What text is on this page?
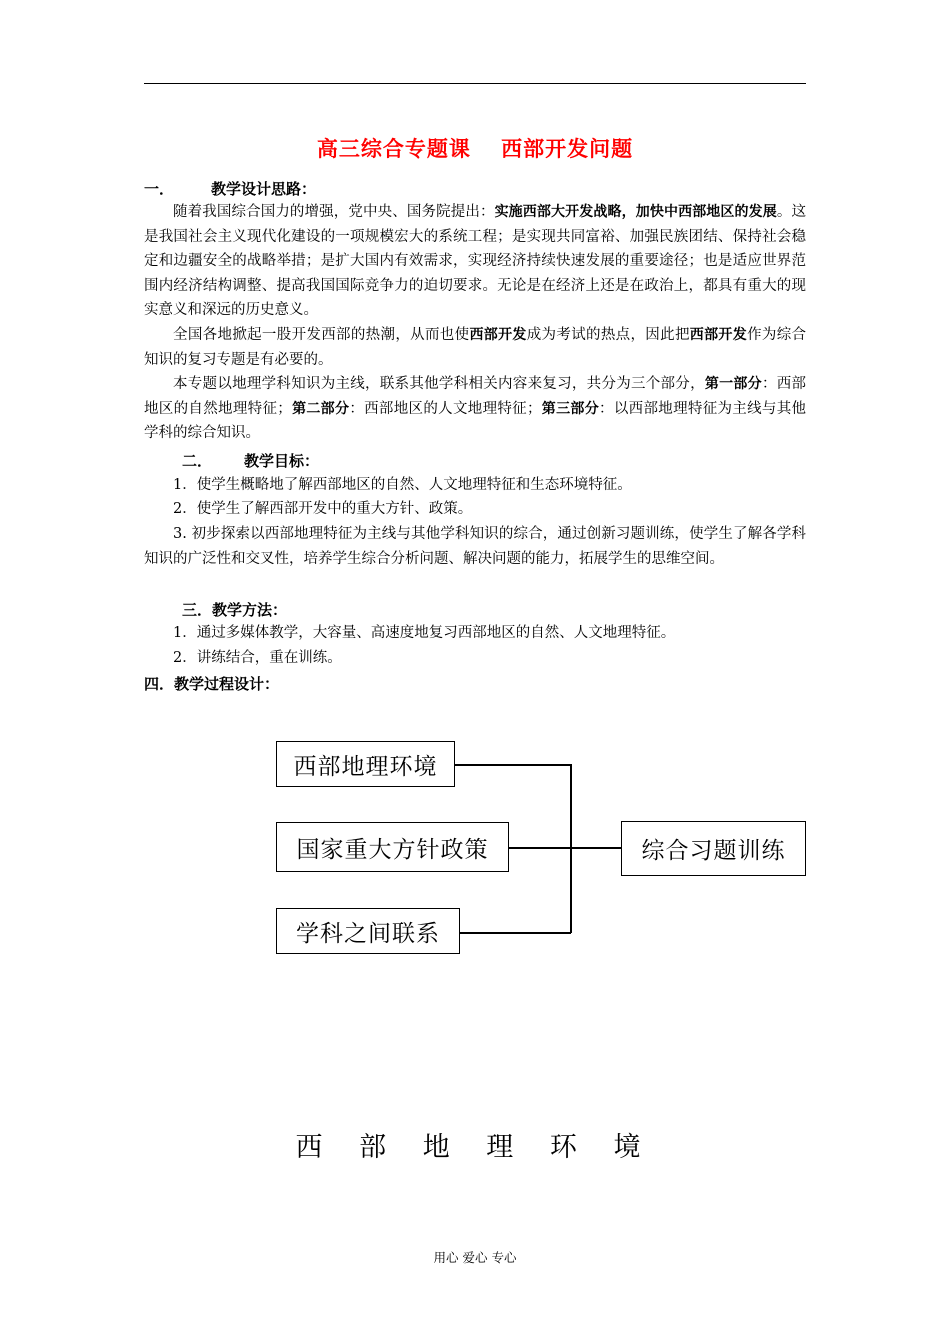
高三综合专题课 西部开发问题
一． 教学设计思路：
随着我国综合国力的增强，党中央、国务院提出：实施西部大开发战略，加快中西部地区的发展。这是我国社会主义现代化建设的一项规模宏大的系统工程；是实现共同富裕、加强民族团结、保持社会稳定和边疆安全的战略举措；是扩大国内有效需求，实现经济持续快速发展的重要途径；也是适应世界范围内经济结构调整、提高我国国际竞争力的迫切要求。无论是在经济上还是在政治上，都具有重大的现实意义和深远的历史意义。
全国各地掀起一股开发西部的热潮，从而也使西部开发成为考试的热点，因此把西部开发作为综合知识的复习专题是有必要的。
本专题以地理学科知识为主线，联系其他学科相关内容来复习，共分为三个部分，第一部分：西部地区的自然地理特征；第二部分：西部地区的人文地理特征；第三部分：以西部地理特征为主线与其他学科的综合知识。
二． 教学目标：
1．使学生概略地了解西部地区的自然、人文地理特征和生态环境特征。
2．使学生了解西部开发中的重大方针、政策。
3. 初步探索以西部地理特征为主线与其他学科知识的综合，通过创新习题训练，使学生了解各学科知识的广泛性和交叉性，培养学生综合分析问题、解决问题的能力，拓展学生的思维空间。
三．教学方法：
1．通过多媒体教学，大容量、高速度地复习西部地区的自然、人文地理特征。
2．讲练结合，重在训练。
四．教学过程设计：
西部地理环境
国家重大方针政策
学科之间联系
综合习题训练
西 部 地 理 环 境
用心 爱心 专心
